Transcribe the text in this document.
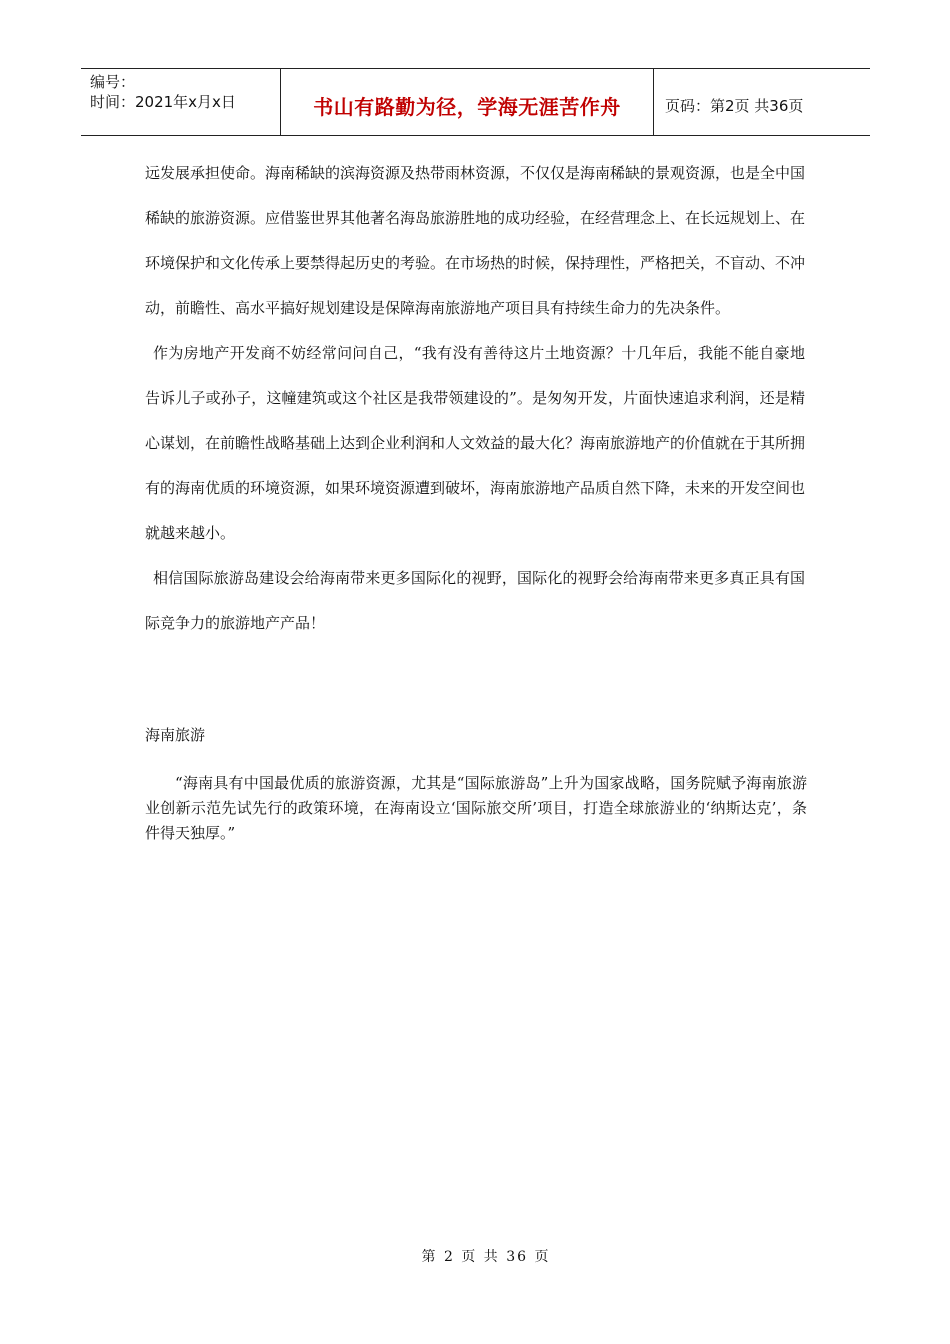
编号：
时间：2021年x月x日	书山有路勤为径，学海无涯苦作舟	页码：第2页 共36页

远发展承担使命。海南稀缺的滨海资源及热带雨林资源，不仅仅是海南稀缺的景观资源，也是全中国稀缺的旅游资源。应借鉴世界其他著名海岛旅游胜地的成功经验，在经营理念上、在长远规划上、在环境保护和文化传承上要禁得起历史的考验。在市场热的时候，保持理性，严格把关，不盲动、不冲动，前瞻性、高水平搞好规划建设是保障海南旅游地产项目具有持续生命力的先决条件。

作为房地产开发商不妨经常问问自己，“我有没有善待这片土地资源？十几年后，我能不能自豪地告诉儿子或孙子，这幢建筑或这个社区是我带领建设的”。是匆匆开发，片面快速追求利润，还是精心谋划，在前瞻性战略基础上达到企业利润和人文效益的最大化？海南旅游地产的价值就在于其所拥有的海南优质的环境资源，如果环境资源遭到破坏，海南旅游地产品质自然下降，未来的开发空间也就越来越小。

相信国际旅游岛建设会给海南带来更多国际化的视野，国际化的视野会给海南带来更多真正具有国际竞争力的旅游地产产品！

海南旅游

“海南具有中国最优质的旅游资源，尤其是“国际旅游岛”上升为国家战略，国务院赋予海南旅游业创新示范先试先行的政策环境，在海南设立‘国际旅交所’项目，打造全球旅游业的‘纳斯达克’，条件得天独厚。”

第 2 页 共 36 页
